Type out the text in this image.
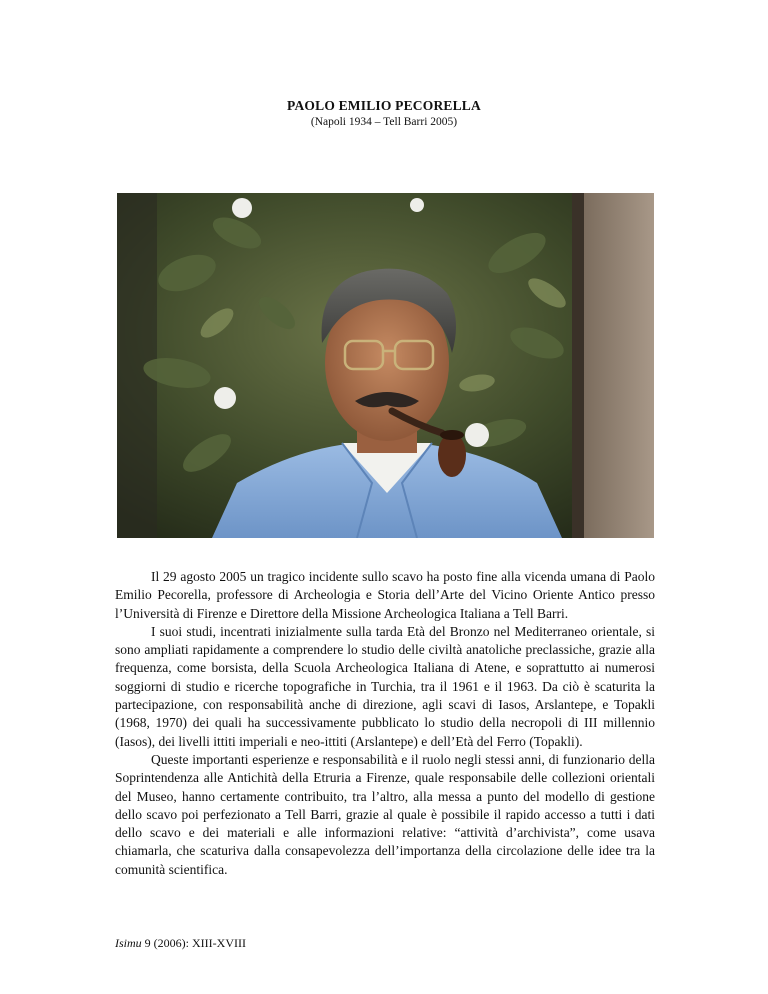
PAOLO EMILIO PECORELLA
(Napoli 1934 – Tell Barri 2005)

Il 29 agosto 2005 un tragico incidente sullo scavo ha posto fine alla vicenda umana di Paolo Emilio Pecorella, professore di Archeologia e Storia dell’Arte del Vicino Oriente Antico presso l’Università di Firenze e Direttore della Missione Archeologica Italiana a Tell Barri.

I suoi studi, incentrati inizialmente sulla tarda Età del Bronzo nel Mediterraneo orientale, si sono ampliati rapidamente a comprendere lo studio delle civiltà anatoliche preclassiche, grazie alla frequenza, come borsista, della Scuola Archeologica Italiana di Atene, e soprattutto ai numerosi soggiorni di studio e ricerche topografiche in Turchia, tra il 1961 e il 1963. Da ciò è scaturita la partecipazione, con responsabilità anche di direzione, agli scavi di Iasos, Arslantepe, e Topakli (1968, 1970) dei quali ha successivamente pubblicato lo studio della necropoli di III millennio (Iasos), dei livelli ittiti imperiali e neo-ittiti (Arslantepe) e dell’Età del Ferro (Topakli).

Queste importanti esperienze e responsabilità e il ruolo negli stessi anni, di funzionario della Soprintendenza alle Antichità della Etruria a Firenze, quale responsabile delle collezioni orientali del Museo, hanno certamente contribuito, tra l’altro, alla messa a punto del modello di gestione dello scavo poi perfezionato a Tell Barri, grazie al quale è possibile il rapido accesso a tutti i dati dello scavo e dei materiali e alle informazioni relative: “attività d’archivista”, come usava chiamarla, che scaturiva dalla consapevolezza dell’importanza della circolazione delle idee tra la comunità scientifica.

Isimu 9 (2006): XIII-XVIII
